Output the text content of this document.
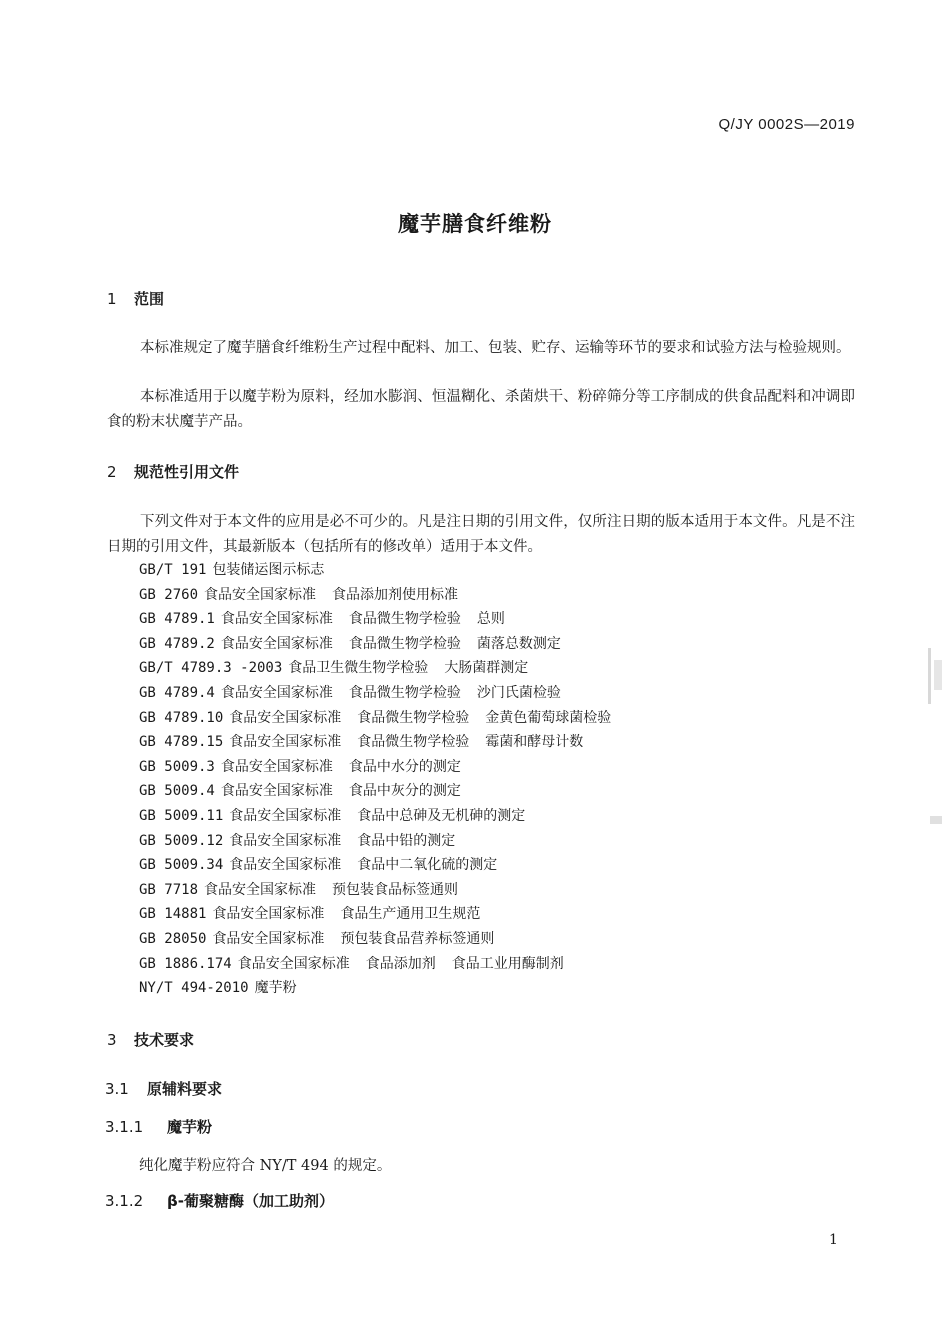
Q/JY 0002S—2019
魔芋膳食纤维粉
1 范围
本标准规定了魔芋膳食纤维粉生产过程中配料、加工、包装、贮存、运输等环节的要求和试验方法与检验规则。
本标准适用于以魔芋粉为原料，经加水膨润、恒温糊化、杀菌烘干、粉碎筛分等工序制成的供食品配料和冲调即食的粉末状魔芋产品。
2 规范性引用文件
下列文件对于本文件的应用是必不可少的。凡是注日期的引用文件，仅所注日期的版本适用于本文件。凡是不注日期的引用文件，其最新版本（包括所有的修改单）适用于本文件。
GB/T 191 包装储运图示标志
GB 2760 食品安全国家标准 食品添加剂使用标准
GB 4789.1 食品安全国家标准 食品微生物学检验 总则
GB 4789.2 食品安全国家标准 食品微生物学检验 菌落总数测定
GB/T 4789.3 -2003 食品卫生微生物学检验 大肠菌群测定
GB 4789.4 食品安全国家标准 食品微生物学检验 沙门氏菌检验
GB 4789.10 食品安全国家标准 食品微生物学检验 金黄色葡萄球菌检验
GB 4789.15 食品安全国家标准 食品微生物学检验 霉菌和酵母计数
GB 5009.3 食品安全国家标准 食品中水分的测定
GB 5009.4 食品安全国家标准 食品中灰分的测定
GB 5009.11 食品安全国家标准 食品中总砷及无机砷的测定
GB 5009.12 食品安全国家标准 食品中铅的测定
GB 5009.34 食品安全国家标准 食品中二氧化硫的测定
GB 7718 食品安全国家标准 预包装食品标签通则
GB 14881 食品安全国家标准 食品生产通用卫生规范
GB 28050 食品安全国家标准 预包装食品营养标签通则
GB 1886.174 食品安全国家标准 食品添加剂 食品工业用酶制剂
NY/T 494-2010 魔芋粉
3 技术要求
3.1 原辅料要求
3.1.1 魔芋粉
纯化魔芋粉应符合 NY/T 494 的规定。
3.1.2 β-葡聚糖酶（加工助剂）
1
